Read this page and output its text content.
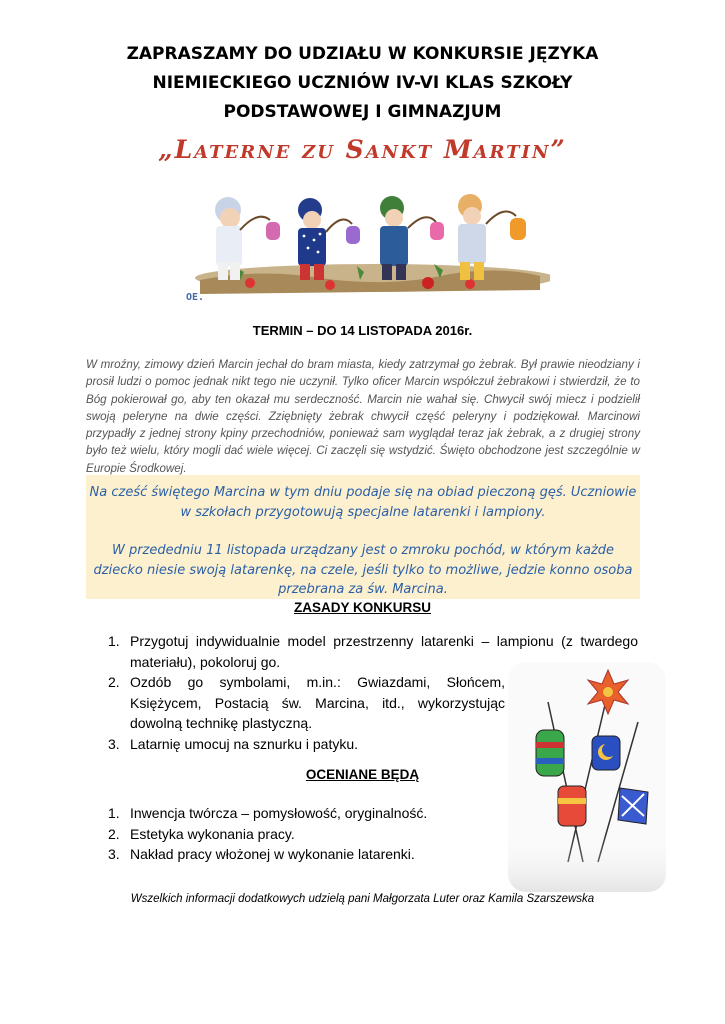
ZAPRASZAMY DO UDZIAŁU W KONKURSIE JĘZYKA
NIEMIECKIEGO UCZNIÓW IV-VI KLAS SZKOŁY
PODSTAWOWEJ I GIMNAZJUM
„Laterne zu Sankt Martin”
OE.
TERMIN – DO 14 LISTOPADA 2016r.
W mroźny, zimowy dzień Marcin jechał do bram miasta, kiedy zatrzymał go żebrak. Był prawie nieodziany i prosił ludzi o pomoc jednak nikt tego nie uczynił. Tylko oficer Marcin współczuł żebrakowi i stwierdził, że to Bóg pokierował go, aby ten okazał mu serdeczność. Marcin nie wahał się. Chwycił swój miecz i podzielił swoją peleryne na dwie części. Zziębnięty żebrak chwycił część peleryny i podziękował. Marcinowi przypadły z jednej strony kpiny przechodniów, ponieważ sam wyglądał teraz jak żebrak, a z drugiej strony było też wielu, który mogli dać wiele więcej. Ci zaczęli się wstydzić. Święto obchodzone jest szczególnie w Europie Środkowej.

Na cześć świętego Marcina w tym dniu podaje się na obiad pieczoną gęś. Uczniowie w szkołach przygotowują specjalne latarenki i lampiony.

W przededniu 11 listopada urządzany jest o zmroku pochód, w którym każde dziecko niesie swoją latarenkę, na czele, jeśli tylko to możliwe, jedzie konno osoba przebrana za św. Marcina.

ZASADY KONKURSU
1. Przygotuj indywidualnie model przestrzenny latarenki – lampionu (z twardego materiału), pokoloruj go.
2. Ozdób go symbolami, m.in.: Gwiazdami, Słońcem, Księżycem, Postacią św. Marcina, itd., wykorzystując dowolną technikę plastyczną.
3. Latarnię umocuj na sznurku i patyku.
OCENIANE BĘDĄ
1. Inwencja twórcza – pomysłowość, oryginalność.
2. Estetyka wykonania pracy.
3. Nakład pracy włożonej w wykonanie latarenki.
Wszelkich informacji dodatkowych udzielą pani Małgorzata Luter oraz Kamila Szarszewska
